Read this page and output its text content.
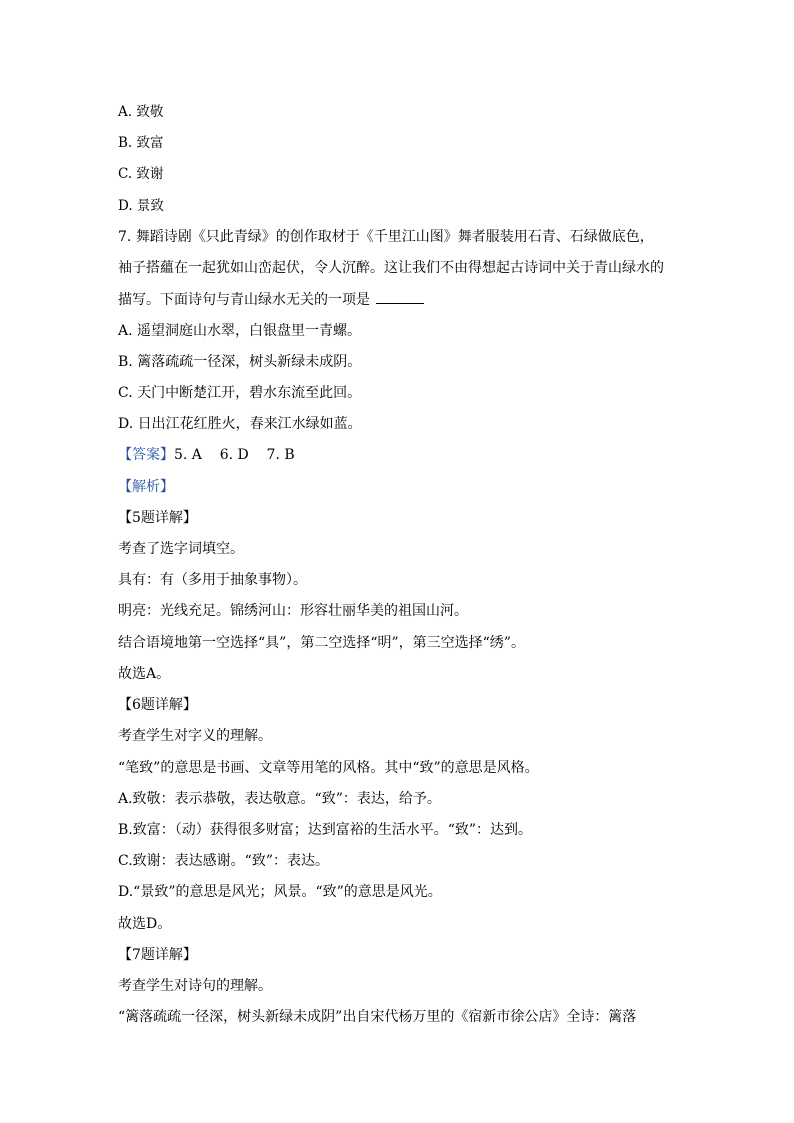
A. 致敬
B. 致富
C. 致谢
D. 景致
7. 舞蹈诗剧《只此青绿》的创作取材于《千里江山图》舞者服装用石青、石绿做底色，
袖子搭蘊在一起犹如山峦起伏，令人沉醉。这让我们不由得想起古诗词中关于青山绿水的
描写。下面诗句与青山绿水无关的一项是
A. 遥望洞庭山水翠，白银盘里一青螺。
B. 篱落疏疏一径深，树头新绿未成阴。
C. 天门中断楚江开，碧水东流至此回。
D. 日出江花红胜火，春来江水绿如蓝。
【答案】5. A    6. D    7. B
【解析】
【5题详解】
考查了选字词填空。
具有：有（多用于抽象事物）。
明亮：光线充足。锦绣河山：形容壮丽华美的祖国山河。
结合语境地第一空选择“具”，第二空选择“明”，第三空选择“绣”。
故选A。
【6题详解】
考查学生对字义的理解。
“笔致”的意思是书画、文章等用笔的风格。其中“致”的意思是风格。
A.致敬：表示恭敬，表达敬意。“致”：表达，给予。
B.致富：（动）获得很多财富；达到富裕的生活水平。“致”：达到。
C.致谢：表达感谢。“致”：表达。
D.“景致”的意思是风光；风景。“致”的意思是风光。
故选D。
【7题详解】
考查学生对诗句的理解。
“篱落疏疏一径深，树头新绿未成阴”出自宋代杨万里的《宿新市徐公店》全诗：篱落
